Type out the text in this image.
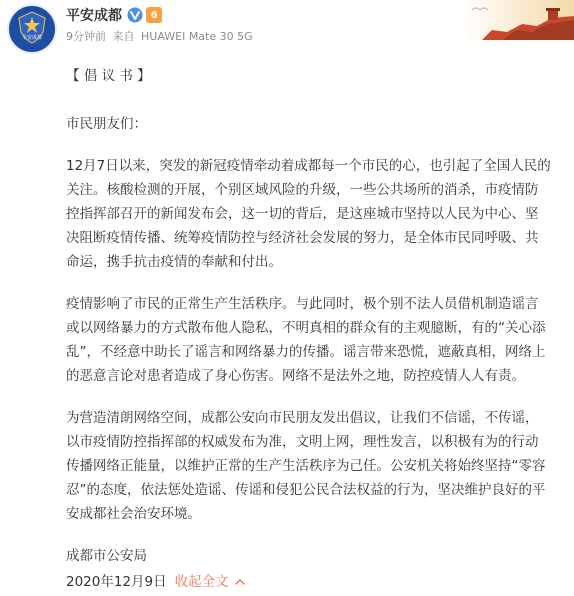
平安成都
平安成都	6
9分钟前 来自 HUAWEI Mate 30 5G
【 倡 议 书 】
市民朋友们：
12月7日以来，突发的新冠疫情牵动着成都每一个市民的心，也引起了全国人民的
关注。核酸检测的开展，个别区域风险的升级，一些公共场所的消杀，市疫情防
控指挥部召开的新闻发布会，这一切的背后，是这座城市坚持以人民为中心、坚
决阻断疫情传播、统筹疫情防控与经济社会发展的努力，是全体市民同呼吸、共
命运，携手抗击疫情的奉献和付出。
疫情影响了市民的正常生产生活秩序。与此同时，极个别不法人员借机制造谣言
或以网络暴力的方式散布他人隐私，不明真相的群众有的主观臆断，有的“关心添
乱”，不经意中助长了谣言和网络暴力的传播。谣言带来恐慌，遮蔽真相，网络上
的恶意言论对患者造成了身心伤害。网络不是法外之地，防控疫情人人有责。
为营造清朗网络空间，成都公安向市民朋友发出倡议，让我们不信谣，不传谣，
以市疫情防控指挥部的权威发布为准，文明上网，理性发言，以积极有为的行动
传播网络正能量，以维护正常的生产生活秩序为己任。公安机关将始终坚持“零容
忍”的态度，依法惩处造谣、传谣和侵犯公民合法权益的行为，坚决维护良好的平
安成都社会治安环境。
成都市公安局
2020年12月9日 收起全文
